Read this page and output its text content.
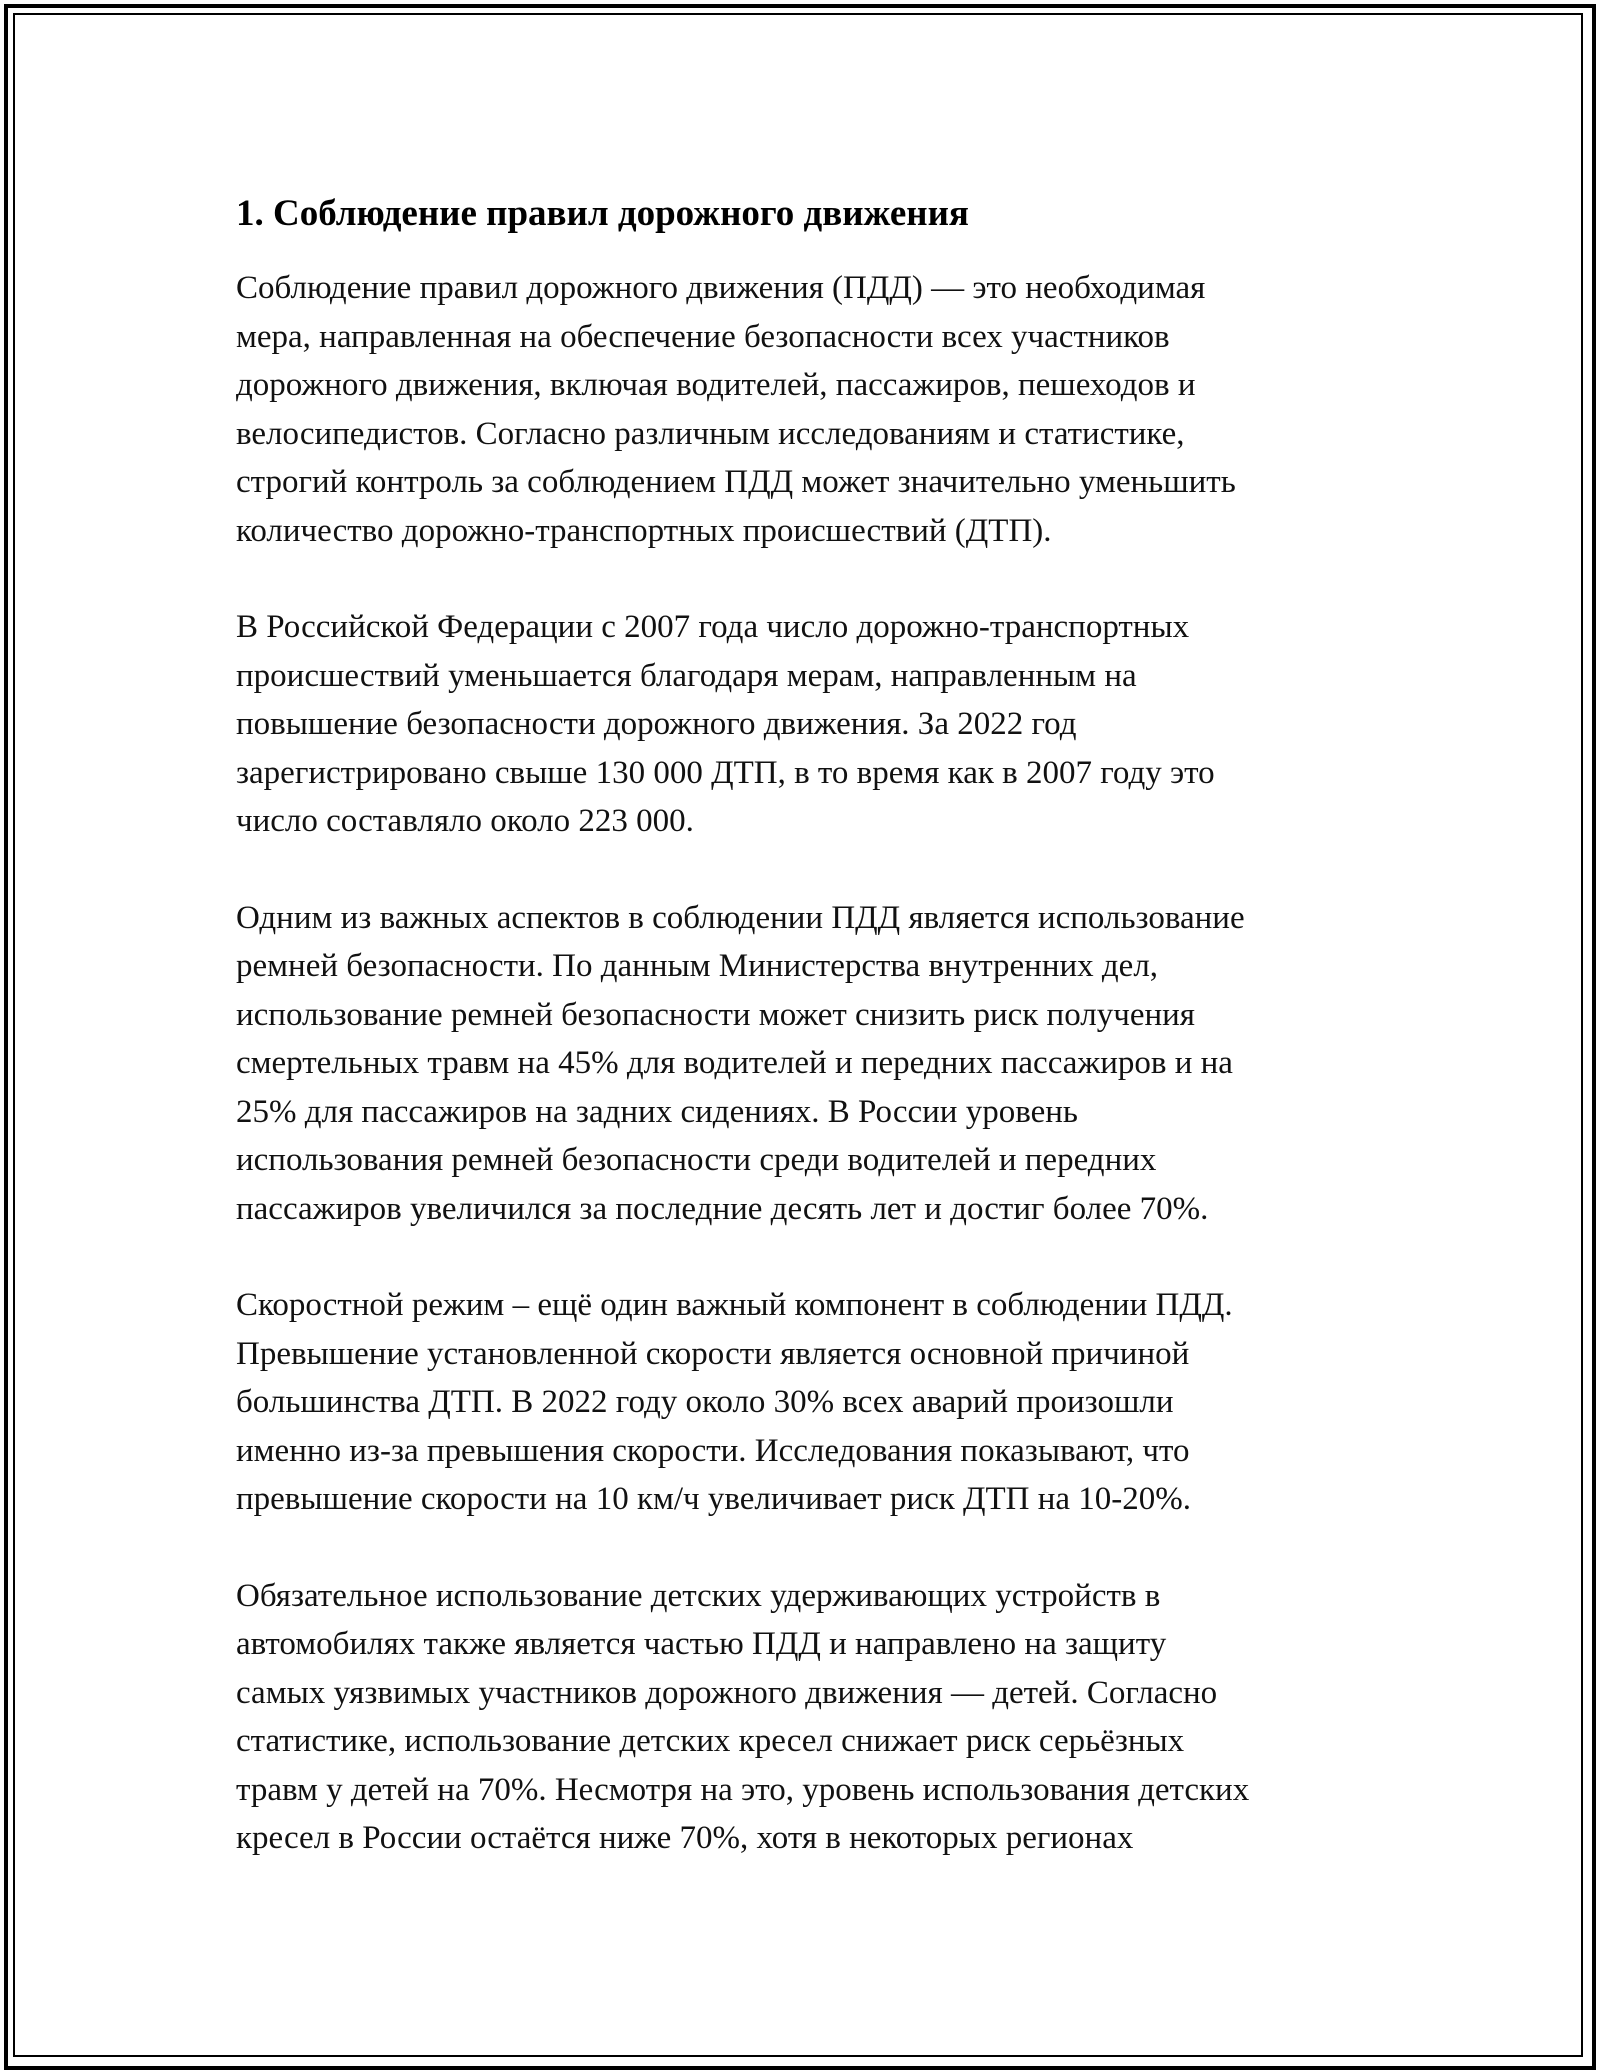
1. Соблюдение правил дорожного движения

Соблюдение правил дорожного движения (ПДД) — это необходимая
мера, направленная на обеспечение безопасности всех участников
дорожного движения, включая водителей, пассажиров, пешеходов и
велосипедистов. Согласно различным исследованиям и статистике,
строгий контроль за соблюдением ПДД может значительно уменьшить
количество дорожно-транспортных происшествий (ДТП).

В Российской Федерации с 2007 года число дорожно-транспортных
происшествий уменьшается благодаря мерам, направленным на
повышение безопасности дорожного движения. За 2022 год
зарегистрировано свыше 130 000 ДТП, в то время как в 2007 году это
число составляло около 223 000.

Одним из важных аспектов в соблюдении ПДД является использование
ремней безопасности. По данным Министерства внутренних дел,
использование ремней безопасности может снизить риск получения
смертельных травм на 45% для водителей и передних пассажиров и на
25% для пассажиров на задних сидениях. В России уровень
использования ремней безопасности среди водителей и передних
пассажиров увеличился за последние десять лет и достиг более 70%.

Скоростной режим – ещё один важный компонент в соблюдении ПДД.
Превышение установленной скорости является основной причиной
большинства ДТП. В 2022 году около 30% всех аварий произошли
именно из-за превышения скорости. Исследования показывают, что
превышение скорости на 10 км/ч увеличивает риск ДТП на 10-20%.

Обязательное использование детских удерживающих устройств в
автомобилях также является частью ПДД и направлено на защиту
самых уязвимых участников дорожного движения — детей. Согласно
статистике, использование детских кресел снижает риск серьёзных
травм у детей на 70%. Несмотря на это, уровень использования детских
кресел в России остаётся ниже 70%, хотя в некоторых регионах
